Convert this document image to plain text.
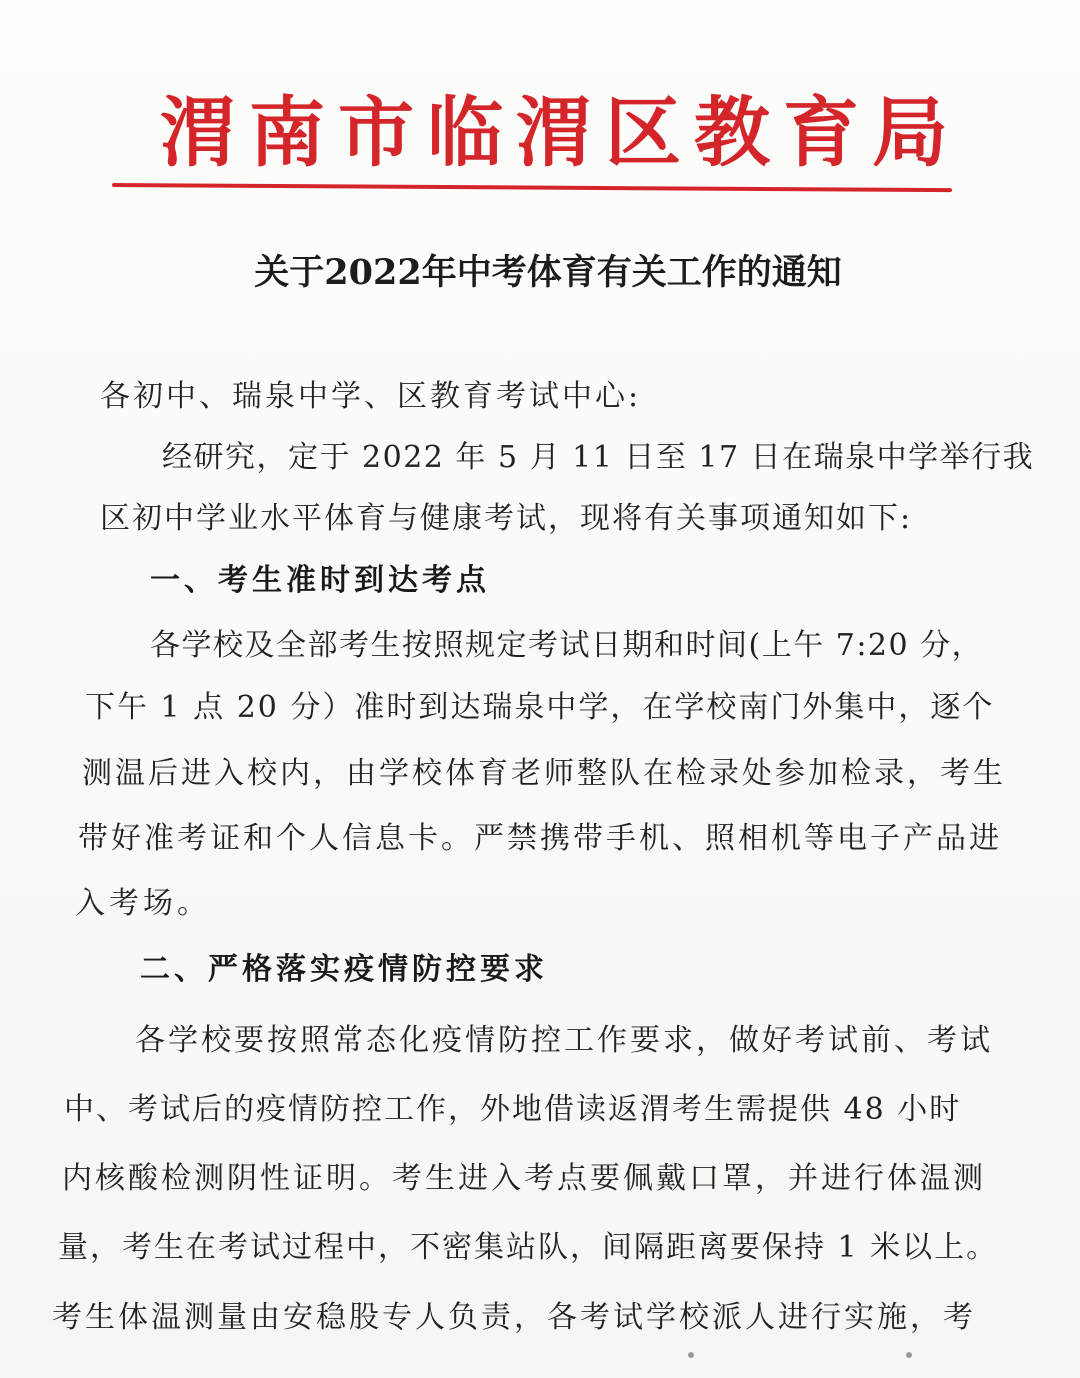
渭南市临渭区教育局
关于2022年中考体育有关工作的通知
各初中、瑞泉中学、区教育考试中心:
经研究，定于 2022 年 5 月 11 日至 17 日在瑞泉中学举行我
区初中学业水平体育与健康考试，现将有关事项通知如下:
一、考生准时到达考点
各学校及全部考生按照规定考试日期和时间(上午 7:20 分，
下午 1 点 20 分）准时到达瑞泉中学，在学校南门外集中，逐个
测温后进入校内，由学校体育老师整队在检录处参加检录，考生
带好准考证和个人信息卡。严禁携带手机、照相机等电子产品进
入考场。
二、严格落实疫情防控要求
各学校要按照常态化疫情防控工作要求，做好考试前、考试
中、考试后的疫情防控工作，外地借读返渭考生需提供 48 小时
内核酸检测阴性证明。考生进入考点要佩戴口罩，并进行体温测
量，考生在考试过程中，不密集站队，间隔距离要保持 1 米以上。
考生体温测量由安稳股专人负责，各考试学校派人进行实施，考
